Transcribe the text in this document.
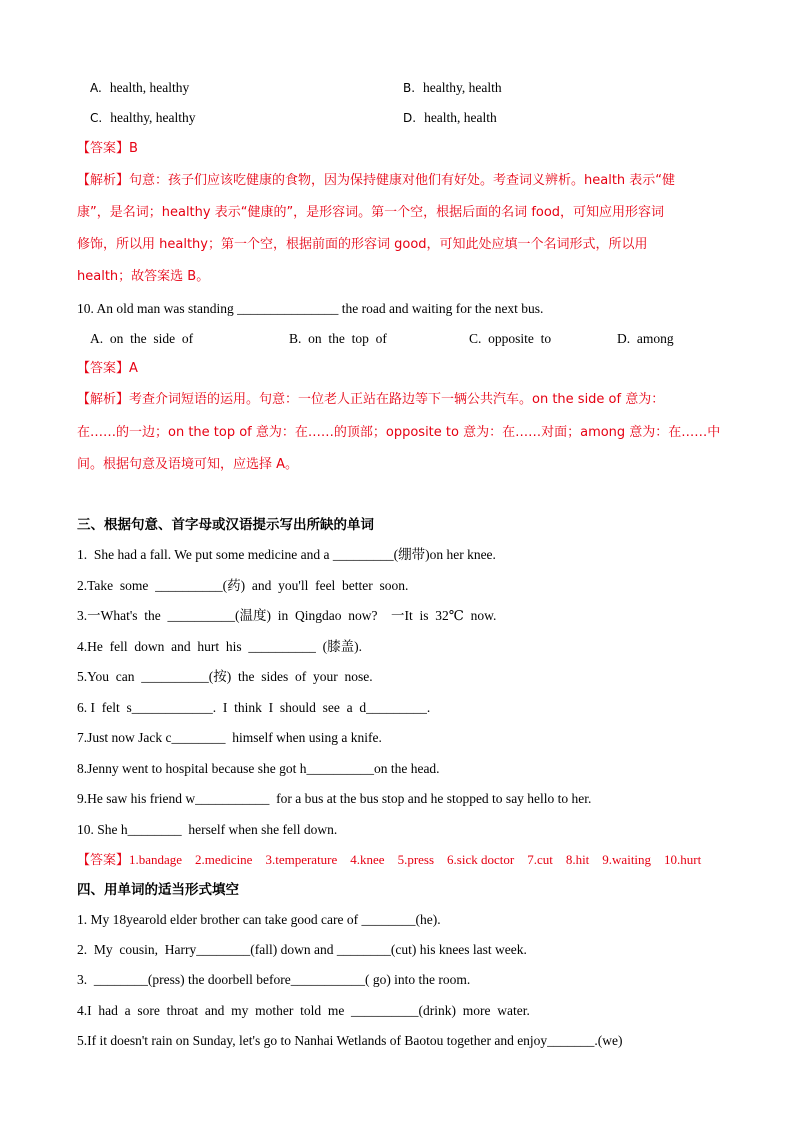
A. health, healthy	B. healthy, health
C. healthy, healthy	D. health, health
【答案】B
【解析】句意：孩子们应该吃健康的食物，因为保持健康对他们有好处。考查词义辨析。health 表示“健
康”，是名词；healthy 表示“健康的”，是形容词。第一个空，根据后面的名词 food，可知应用形容词
修饰，所以用 healthy；第一个空，根据前面的形容词 good，可知此处应填一个名词形式，所以用
health；故答案选 B。
10. An old man was standing _______________ the road and waiting for the next bus.
A.  on  the  side  of	B.  on  the  top  of	C.  opposite  to	D.  among
【答案】A
【解析】考查介词短语的运用。句意：一位老人正站在路边等下一辆公共汽车。on the side of 意为：
在……的一边；on the top of 意为：在……的顶部；opposite to 意为：在……对面；among 意为：在……中
间。根据句意及语境可知，应选择 A。
三、根据句意、首字母或汉语提示写出所缺的单词
1.  She had a fall. We put some medicine and a _________(绷带)on her knee.
2.Take  some  __________(药)  and  you'll  feel  better  soon.
3.一What's  the  __________(温度)  in  Qingdao  now?    一It  is  32℃  now.
4.He  fell  down  and  hurt  his  __________  (膝盖).
5.You  can  __________(按)  the  sides  of  your  nose.
6. I  felt  s____________.  I  think  I  should  see  a  d_________.
7.Just now Jack c________  himself when using a knife.
8.Jenny went to hospital because she got h__________on the head.
9.He saw his friend w___________  for a bus at the bus stop and he stopped to say hello to her.
10. She h________  herself when she fell down.
【答案】1.bandage    2.medicine    3.temperature    4.knee    5.press    6.sick doctor    7.cut    8.hit    9.waiting    10.hurt
四、用单词的适当形式填空
1. My 18yearold elder brother can take good care of ________(he).
2.  My  cousin,  Harry________(fall) down and ________(cut) his knees last week.
3.  ________(press) the doorbell before___________( go) into the room.
4.I  had  a  sore  throat  and  my  mother  told  me  __________(drink)  more  water.
5.If it doesn't rain on Sunday, let's go to Nanhai Wetlands of Baotou together and enjoy_______.(we)
